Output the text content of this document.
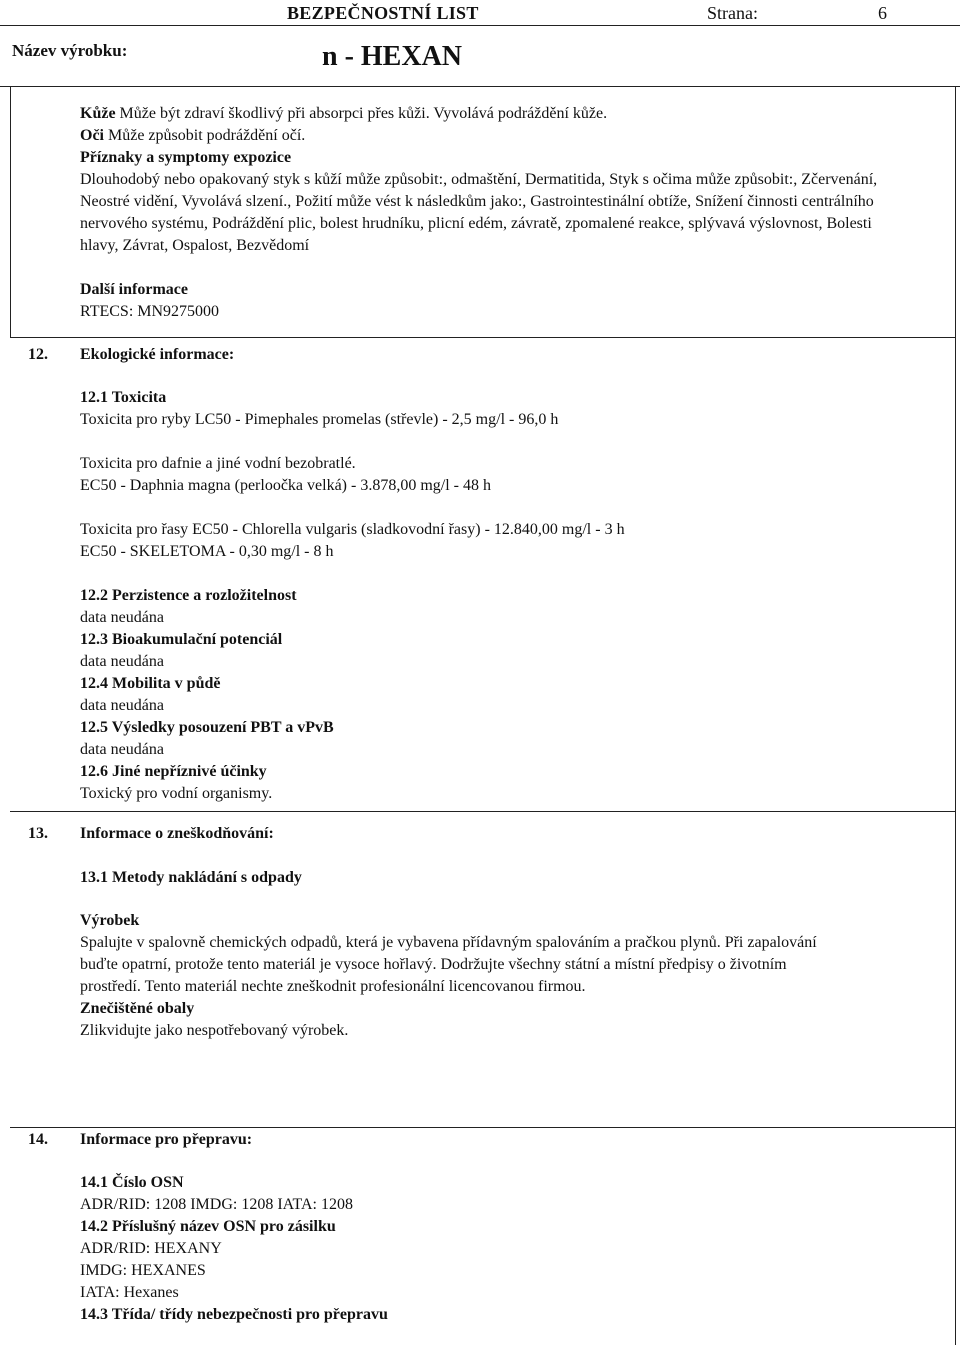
BEZPEČNOSTNÍ LIST	Strana:	6
Název výrobku:	n - HEXAN

Kůže Může být zdraví škodlivý při absorpci přes kůži. Vyvolává podráždění kůže.

Oči Může způsobit podráždění očí.

Příznaky a symptomy expozice

Dlouhodobý nebo opakovaný styk s kůží může způsobit:, odmaštění, Dermatitida, Styk s očima může způsobit:, Zčervenání, Neostré vidění, Vyvolává slzení., Požití může vést k následkům jako:, Gastrointestinální obtíže, Snížení činnosti centrálního nervového systému, Podráždění plic, bolest hrudníku, plicní edém, závratě, zpomalené reakce, splývavá výslovnost, Bolesti hlavy, Závrat, Ospalost, Bezvědomí

Další informace

RTECS: MN9275000

12. Ekologické informace:

12.1 Toxicita

Toxicita pro ryby LC50 - Pimephales promelas (střevle) - 2,5 mg/l - 96,0 h

Toxicita pro dafnie a jiné vodní bezobratlé.

EC50 - Daphnia magna (perloočka velká) - 3.878,00 mg/l - 48 h

Toxicita pro řasy EC50 - Chlorella vulgaris (sladkovodní řasy) - 12.840,00 mg/l - 3 h

EC50 - SKELETOMA - 0,30 mg/l - 8 h

12.2 Perzistence a rozložitelnost

data neudána

12.3 Bioakumulační potenciál

data neudána

12.4 Mobilita v půdě

data neudána

12.5 Výsledky posouzení PBT a vPvB

data neudána

12.6 Jiné nepříznivé účinky

Toxický pro vodní organismy.

13. Informace o zneškodňování:

13.1 Metody nakládání s odpady

Výrobek

Spalujte v spalovně chemických odpadů, která je vybavena přídavným spalováním a pračkou plynů. Při zapalování buďte opatrní, protože tento materiál je vysoce hořlavý. Dodržujte všechny státní a místní předpisy o životním prostředí. Tento materiál nechte zneškodnit profesionální licencovanou firmou.

Znečištěné obaly

Zlikvidujte jako nespotřebovaný výrobek.

14. Informace pro přepravu:

14.1 Číslo OSN

ADR/RID: 1208 IMDG: 1208 IATA: 1208

14.2 Příslušný název OSN pro zásilku

ADR/RID: HEXANY

IMDG: HEXANES

IATA: Hexanes

14.3 Třída/ třídy nebezpečnosti pro přepravu
